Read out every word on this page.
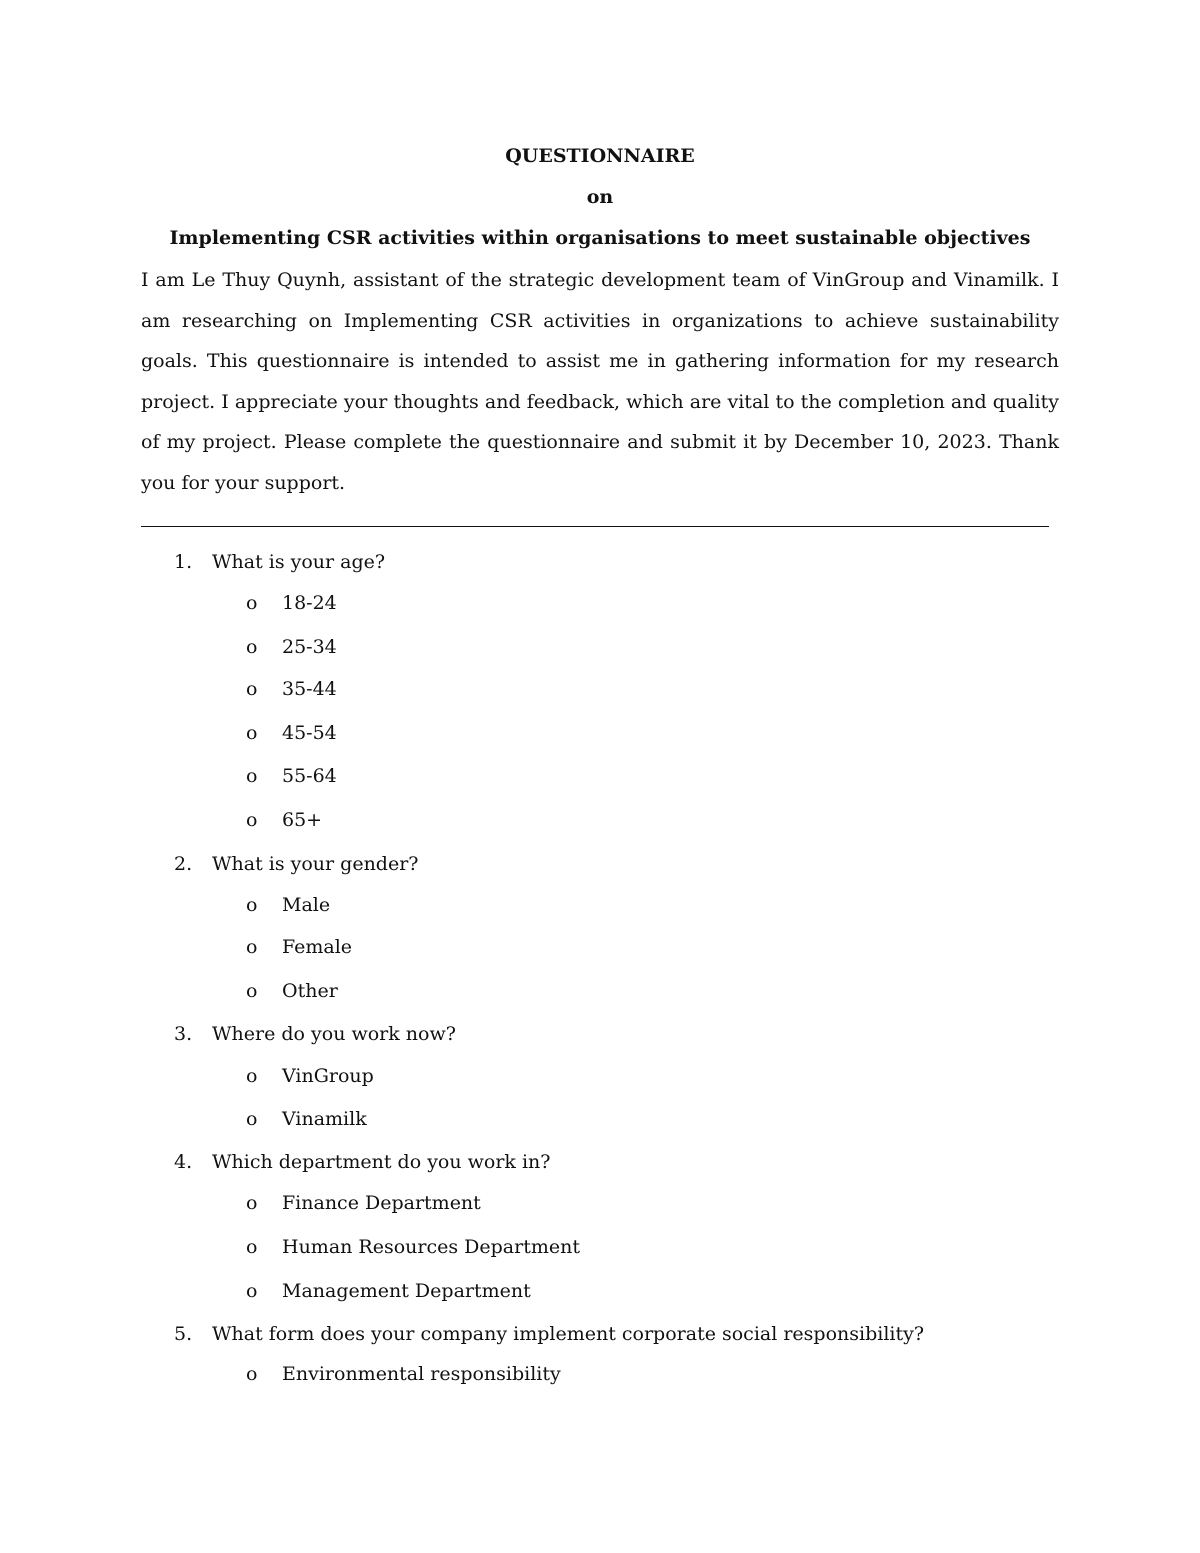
QUESTIONNAIRE
on
Implementing CSR activities within organisations to meet sustainable objectives
I am Le Thuy Quynh, assistant of the strategic development team of VinGroup and Vinamilk. I am researching on Implementing CSR activities in organizations to achieve sustainability goals. This questionnaire is intended to assist me in gathering information for my research project. I appreciate your thoughts and feedback, which are vital to the completion and quality of my project. Please complete the questionnaire and submit it by December 10, 2023. Thank you for your support.
1. What is your age?
o 18-24
o 25-34
o 35-44
o 45-54
o 55-64
o 65+
2. What is your gender?
o Male
o Female
o Other
3. Where do you work now?
o VinGroup
o Vinamilk
4. Which department do you work in?
o Finance Department
o Human Resources Department
o Management Department
5. What form does your company implement corporate social responsibility?
o Environmental responsibility
